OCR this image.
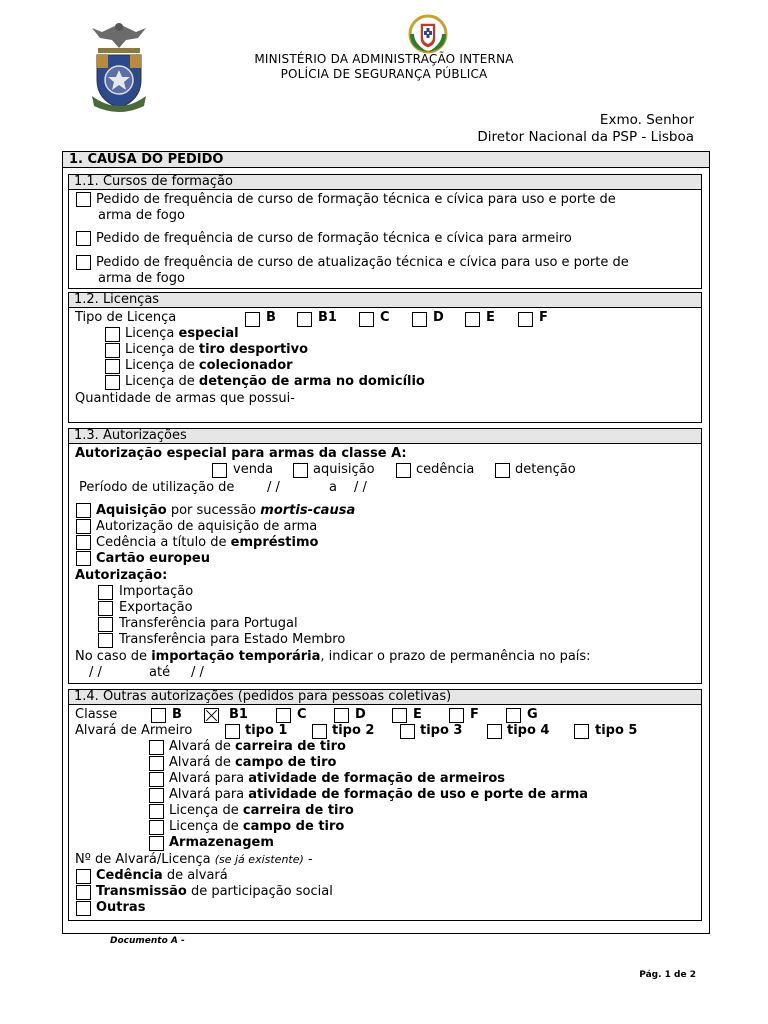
MINISTÉRIO DA ADMINISTRAÇÃO INTERNA
POLÍCIA DE SEGURANÇA PÚBLICA
Exmo. Senhor
Diretor Nacional da PSP - Lisboa
1. CAUSA DO PEDIDO
1.1. Cursos de formação
Pedido de frequência de curso de formação técnica e cívica para uso e porte de
arma de fogo
Pedido de frequência de curso de formação técnica e cívica para armeiro
Pedido de frequência de curso de atualização técnica e cívica para uso e porte de
arma de fogo
1.2. Licenças
Tipo de Licença	B	B1	C	D	E	F
Licença especial
Licença de tiro desportivo
Licença de colecionador
Licença de detenção de arma no domicílio
Quantidade de armas que possui-
1.3. Autorizações
Autorização especial para armas da classe A:
venda	aquisição	cedência	detenção
Período de utilização de	/ /	a / /
Aquisição por sucessão mortis-causa
Autorização de aquisição de arma
Cedência a título de empréstimo
Cartão europeu
Autorização:
Importação
Exportação
Transferência para Portugal
Transferência para Estado Membro
No caso de importação temporária, indicar o prazo de permanência no país:
/ /	até / /
1.4. Outras autorizações (pedidos para pessoas coletivas)
Classe	B	B1	C	D	E	F	G
Alvará de Armeiro	tipo 1	tipo 2	tipo 3	tipo 4	tipo 5
Alvará de carreira de tiro
Alvará de campo de tiro
Alvará para atividade de formação de armeiros
Alvará para atividade de formação de uso e porte de arma
Licença de carreira de tiro
Licença de campo de tiro
Armazenagem
Nº de Alvará/Licença (se já existente) -
Cedência de alvará
Transmissão de participação social
Outras
Documento A -
Pág. 1 de 2
